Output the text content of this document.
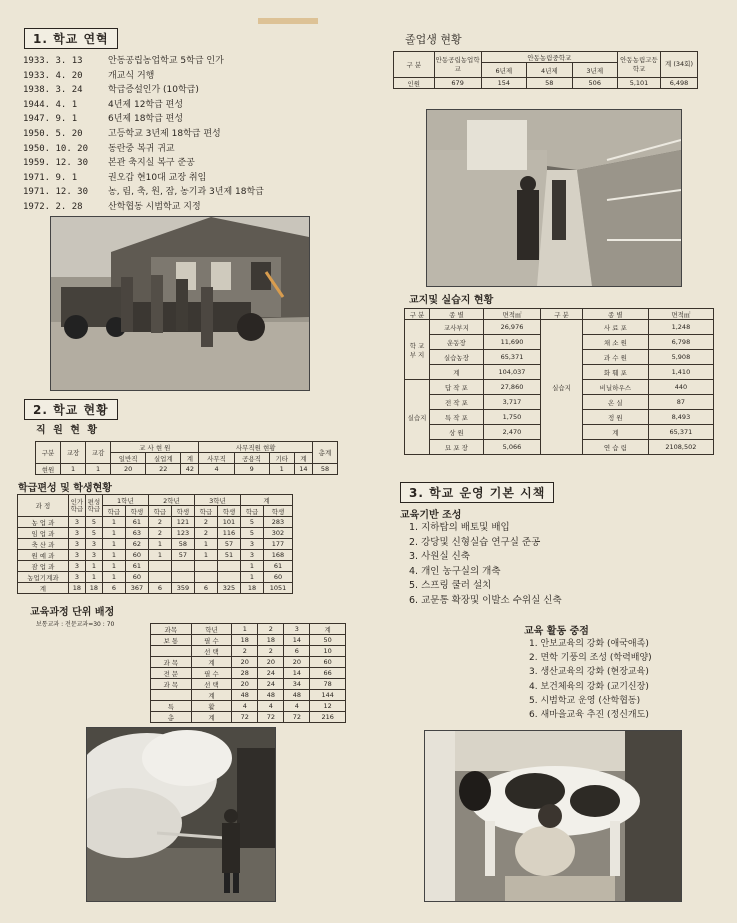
1. 학교 연혁
1933. 3. 13	안동공립농업학교 5학급 인가
1933. 4. 20	개교식 거행
1938. 3. 24	학급증설인가 (10학급)
1944. 4. 1	4년제 12학급 편성
1947. 9. 1	6년제 18학급 편성
1950. 5. 20	고등학교 3년제 18학급 편성
1950. 10. 20	동란중 복귀 귀교
1959. 12. 30	본관 축지실 복구 준공
1971. 9. 1	권오갑 현10대 교장 취임
1971. 12. 30	농, 림, 축, 원, 잠, 농기과 3년제 18학급
1972. 2. 28	산학협동 시범학교 지정
2. 학교 현황
직 원 현 황
구분	교장	교감	교 사 현 원			사무직원 현황				총계
			일반직	실업계	계	사무직	공용직	기타	계	
현원	1	1	20	22	42	4	9	1	14	58
학급편성 및 학생현황
과 정	인가학급	편성학급	1학년		2학년		3학년		계	
			학급	학생	학급	학생	학급	학생	학급	학생
농 업 과	3	5	1	61	2	121	2	101	5	283
임 업 과	3	5	1	63	2	123	2	116	5	302
축 산 과	3	3	1	62	1	58	1	57	3	177
원 예 과	3	3	1	60	1	57	1	51	3	168
잠 업 과	3	1	1	61					1	61
농업기계과	3	1	1	60					1	60
계	18	18	6	367	6	359	6	325	18	1051
교육과정 단위 배정
보통교과 : 전문교과=30 : 70
과목	학년	1	2	3	계
보 통	필 수	18	18	14	50
	선 택	2	2	6	10
과 목	계	20	20	20	60
전 문	필 수	28	24	14	66
과 목	선 택	20	24	34	78
	계	48	48	48	144
특	활	4	4	4	12
총	계	72	72	72	216
졸업생 현황
구 분	안동공립농업학교	안동농림중학교			안동농림고등학교	계 (34회)
		6년제	4년제	3년제		
인원	679	154	58	506	5,101	6,498
교지및 실습지 현황
구 분	종 별	면적㎡	구 분	종 별	면적㎡
학 교 부 지	교사부지	26,976	실습지	사 료 포	1,248
	운동장	11,690		채 소 원	6,798
	실습농장	65,371		과 수 원	5,908
	계	104,037		화 훼 포	1,410
실습지	답 작 포	27,860		비닐하우스	440
	전 작 포	3,717		온 실	87
	특 작 포	1,750		정 원	8,493
	상 원	2,470		계	65,371
	묘 포 장	5,066		연 습 림	2108,502
3. 학교 운영 기본 시책
교육기반 조성
1. 지하탑의 배토및 배입
2. 강당및 신형실습 연구실 준공
3. 사원실 신축
4. 개인 농구실의 개축
5. 스프링 쿨러 설치
6. 교문통 확장및 이발소 수위실 신축
교육 활동 중점
1. 안보교육의 강화 (애국애족)
2. 면학 기풍의 조성 (학력배양)
3. 생산교육의 강화 (현장교육)
4. 보건체육의 강화 (교기신장)
5. 시범학교 운영 (산학협동)
6. 새마을교육 추진 (정신개도)
